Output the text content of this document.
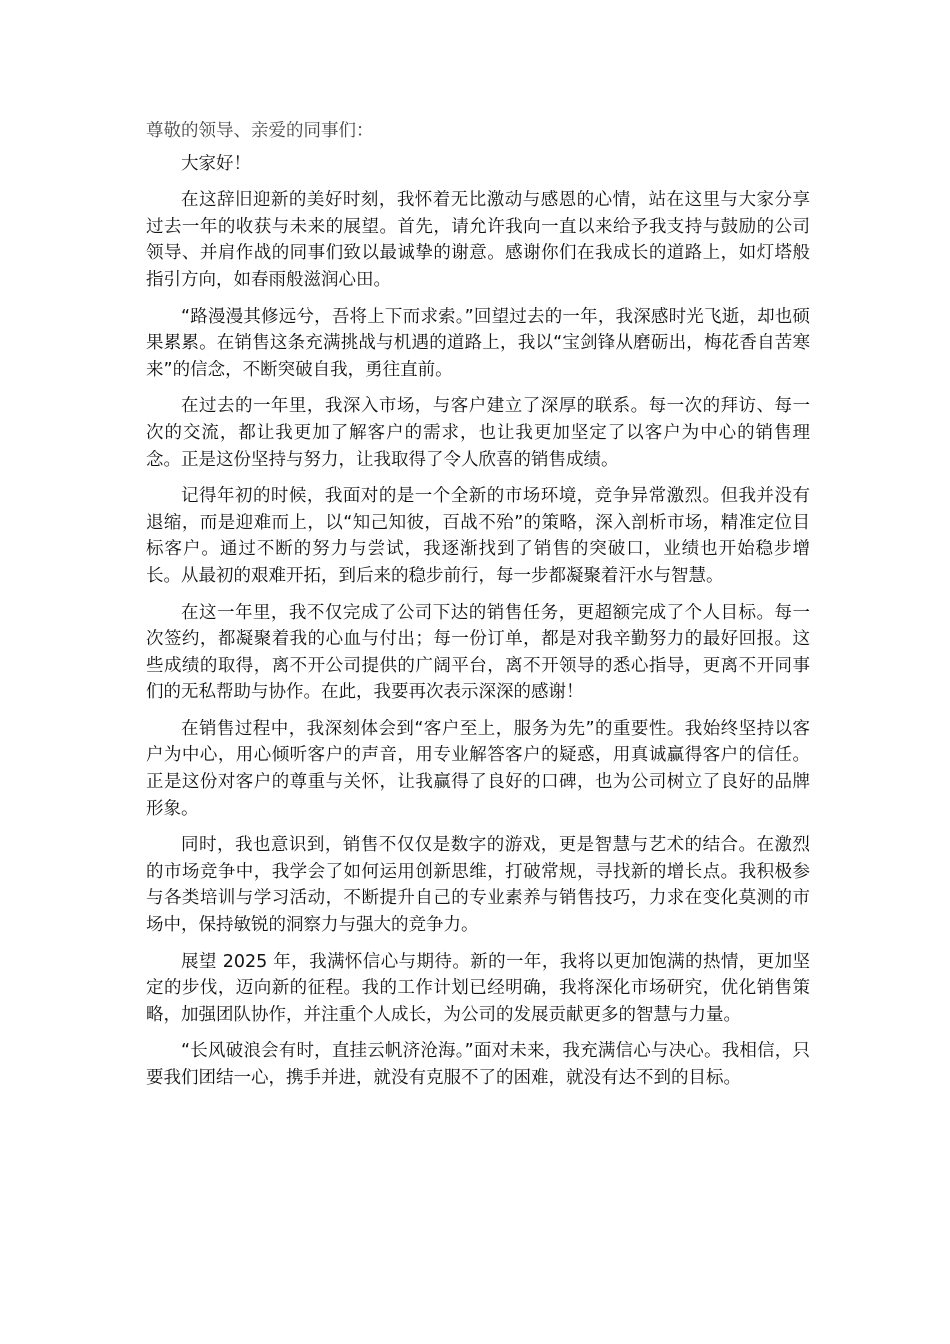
尊敬的领导、亲爱的同事们：

大家好！

在这辞旧迎新的美好时刻，我怀着无比激动与感恩的心情，站在这里与大家分享过去一年的收获与未来的展望。首先，请允许我向一直以来给予我支持与鼓励的公司领导、并肩作战的同事们致以最诚挚的谢意。感谢你们在我成长的道路上，如灯塔般指引方向，如春雨般滋润心田。

“路漫漫其修远兮，吾将上下而求索。”回望过去的一年，我深感时光飞逝，却也硕果累累。在销售这条充满挑战与机遇的道路上，我以“宝剑锋从磨砺出，梅花香自苦寒来”的信念，不断突破自我，勇往直前。

在过去的一年里，我深入市场，与客户建立了深厚的联系。每一次的拜访、每一次的交流，都让我更加了解客户的需求，也让我更加坚定了以客户为中心的销售理念。正是这份坚持与努力，让我取得了令人欣喜的销售成绩。

记得年初的时候，我面对的是一个全新的市场环境，竞争异常激烈。但我并没有退缩，而是迎难而上，以“知己知彼，百战不殆”的策略，深入剖析市场，精准定位目标客户。通过不断的努力与尝试，我逐渐找到了销售的突破口，业绩也开始稳步增长。从最初的艰难开拓，到后来的稳步前行，每一步都凝聚着汗水与智慧。

在这一年里，我不仅完成了公司下达的销售任务，更超额完成了个人目标。每一次签约，都凝聚着我的心血与付出；每一份订单，都是对我辛勤努力的最好回报。这些成绩的取得，离不开公司提供的广阔平台，离不开领导的悉心指导，更离不开同事们的无私帮助与协作。在此，我要再次表示深深的感谢！

在销售过程中，我深刻体会到“客户至上，服务为先”的重要性。我始终坚持以客户为中心，用心倾听客户的声音，用专业解答客户的疑惑，用真诚赢得客户的信任。正是这份对客户的尊重与关怀，让我赢得了良好的口碑，也为公司树立了良好的品牌形象。

同时，我也意识到，销售不仅仅是数字的游戏，更是智慧与艺术的结合。在激烈的市场竞争中，我学会了如何运用创新思维，打破常规，寻找新的增长点。我积极参与各类培训与学习活动，不断提升自己的专业素养与销售技巧，力求在变化莫测的市场中，保持敏锐的洞察力与强大的竞争力。

展望 2025 年，我满怀信心与期待。新的一年，我将以更加饱满的热情，更加坚定的步伐，迈向新的征程。我的工作计划已经明确，我将深化市场研究，优化销售策略，加强团队协作，并注重个人成长，为公司的发展贡献更多的智慧与力量。

“长风破浪会有时，直挂云帆济沧海。”面对未来，我充满信心与决心。我相信，只要我们团结一心，携手并进，就没有克服不了的困难，就没有达不到的目标。
